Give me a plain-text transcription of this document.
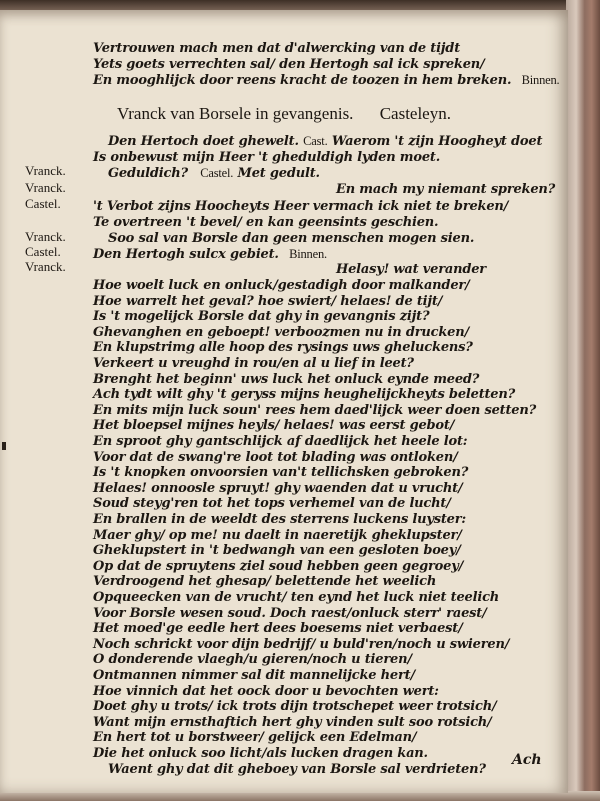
Vertrouwen mach men dat d'alwercking van de tijdt

Yets goets verrechten sal/ den Hertogh sal ick spreken/

En mooghlijck door reens kracht de toozen in hem breken. Binnen.

Vranck van Borsele in gevangenis. Casteleyn.

Den Hertoch doet ghewelt. Cast. Waerom 't zijn Hoogheyt doet

Is onbewust mijn Heer 't gheduldigh lyden moet.

Vranck.	Geduldich? Castel. Met gedult.

Vranck.	En mach my niemant spreken?

Castel. 't Verbot zijns Hoocheyts Heer vermach ick niet te breken/

Te overtreen 't bevel/ en kan geensints geschien.

Vranck.	Soo sal van Borsle dan geen menschen mogen sien.

Castel. Den Hertogh sulcx gebiet. Binnen.

Vranck.	Helasy! wat verander

Hoe woelt luck en onluck/gestadigh door malkander/

Hoe warrelt het geval? hoe swiert/ helaes! de tijt/

Is 't mogelijck Borsle dat ghy in gevangnis zijt?

Ghevanghen en geboept! verboozmen nu in drucken/

En klupstrimg alle hoop des rysings uws gheluckens?

Verkeert u vreughd in rou/en al u lief in leet?

Brenght het beginn' uws luck het onluck eynde meed?

Ach tydt wilt ghy 't geryss mijns heughelijckheyts beletten?

En mits mijn luck soun' rees hem daed'lijck weer doen setten?

Het bloepsel mijnes heyls/ helaes! was eerst gebot/

En sproot ghy gantschlijck af daedlijck het heele lot:

Voor dat de swang're loot tot blading was ontloken/

Is 't knopken onvoorsien van't tellichsken gebroken?

Helaes! onnoosle spruyt! ghy waenden dat u vrucht/

Soud steyg'ren tot het tops verhemel van de lucht/

En brallen in de weeldt des sterrens luckens luyster:

Maer ghy/ op me! nu daelt in naeretijk gheklupster/

Gheklupstert in 't bedwangh van een gesloten boey/

Op dat de spruytens ziel soud hebben geen gegroey/

Verdroogend het ghesap/ belettende het weelich

Opqueecken van de vrucht/ ten eynd het luck niet teelich

Voor Borsle wesen soud. Doch raest/onluck sterr' raest/

Het moed'ge eedle hert dees boesems niet verbaest/

Noch schrickt voor dijn bedrijf/ u buld'ren/noch u swieren/

O donderende vlaegh/u gieren/noch u tieren/

Ontmannen nimmer sal dit mannelijcke hert/

Hoe vinnich dat het oock door u bevochten wert:

Doet ghy u trots/ ick trots dijn trotschepet weer trotsich/

Want mijn ernsthaftich hert ghy vinden sult soo rotsich/

En hert tot u borstweer/ gelijck een Edelman/

Die het onluck soo licht/als lucken dragen kan.

Waent ghy dat dit gheboey van Borsle sal verdrieten?

Ach
